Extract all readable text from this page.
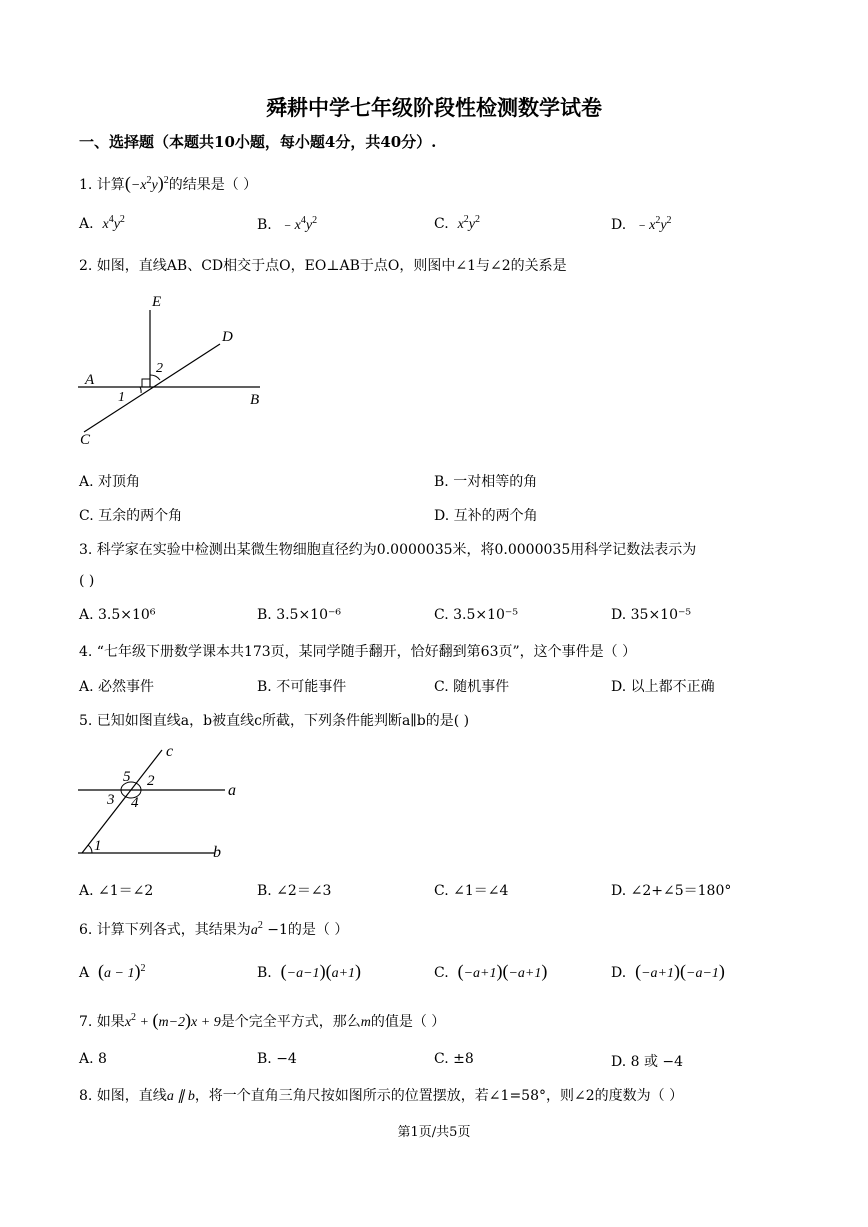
舜耕中学七年级阶段性检测数学试卷
一、选择题（本题共10小题，每小题4分，共40分）.
1. 计算$(-x^2y)^2$的结果是（ ）
A. $x^4y^2$	B. $﹣x^4y^2$	C. $x^2y^2$	D. $﹣x^2y^2$
2. 如图，直线AB、CD相交于点O，EO⊥AB于点O，则图中∠1与∠2的关系是
E
D
A
B
C
1
2
A. 对顶角	B. 一对相等的角
C. 互余的两个角	D. 互补的两个角
3. 科学家在实验中检测出某微生物细胞直径约为0.0000035米，将0.0000035用科学记数法表示为
( )
A. 3.5×10⁶	B. 3.5×10⁻⁶	C. 3.5×10⁻⁵	D. 35×10⁻⁵
4. “七年级下册数学课本共173页，某同学随手翻开，恰好翻到第63页”，这个事件是（ ）
A. 必然事件	B. 不可能事件	C. 随机事件	D. 以上都不正确
5. 已知如图直线a，b被直线c所截，下列条件能判断a∥b的是( )
c
a
b
1
2
3 4
5
A. ∠1＝∠2	B. ∠2＝∠3	C. ∠1＝∠4	D. ∠2+∠5＝180°
6. 计算下列各式，其结果为$a^2 -1$的是（ ）
A $(a - 1)^2$	B. (−a−1)(a+1)	C. (−a+1)(−a+1)	D. (−a+1)(−a−1)
7. 如果$x^2 + (m-2)x + 9$是个完全平方式，那么m的值是（ ）
A. 8	B. −4	C. ±8	D. 8 或 −4
8. 如图，直线a ∥ b，将一个直角三角尺按如图所示的位置摆放，若∠1=58°，则∠2的度数为（ ）
第1页/共5页
